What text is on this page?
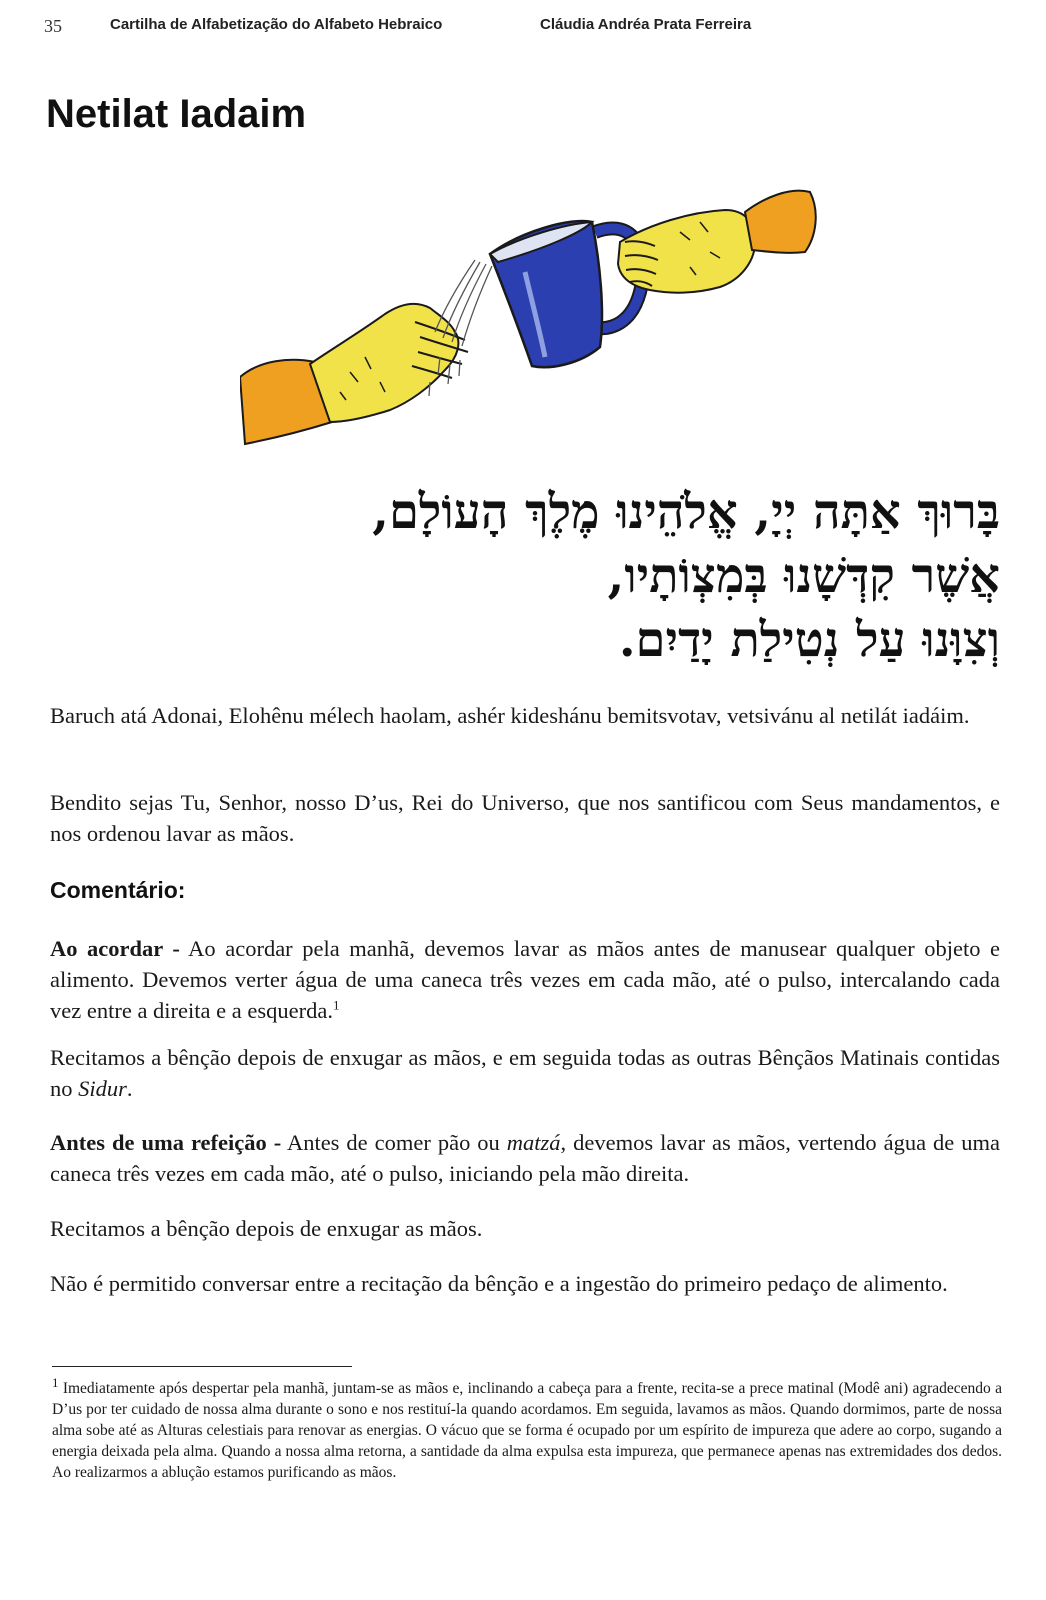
35	Cartilha de Alfabetização do Alfabeto Hebraico	Cláudia Andréa Prata Ferreira
Netilat Iadaim
בָּרוּךְ אַתָּה יְיָ, אֱלֹהֵינוּ מֶלֶךְ הָעוֹלָם,
אֲשֶׁר קִדְּשָׁנוּ בְּמִצְוֹתָיו,
וְצִוָּנוּ עַל נְטִילַת יָדַיִם.

Baruch atá Adonai, Elohênu mélech haolam, ashér kideshánu bemitsvotav, vetsivánu al netilát iadáim.

Bendito sejas Tu, Senhor, nosso D’us, Rei do Universo, que nos santificou com Seus mandamentos, e nos ordenou lavar as mãos.

Comentário:

Ao acordar - Ao acordar pela manhã, devemos lavar as mãos antes de manusear qualquer objeto e alimento. Devemos verter água de uma caneca três vezes em cada mão, até o pulso, intercalando cada vez entre a direita e a esquerda.$^1$

Recitamos a bênção depois de enxugar as mãos, e em seguida todas as outras Bênçãos Matinais contidas no Sidur.

Antes de uma refeição - Antes de comer pão ou matzá, devemos lavar as mãos, vertendo água de uma caneca três vezes em cada mão, até o pulso, iniciando pela mão direita.

Recitamos a bênção depois de enxugar as mãos.

Não é permitido conversar entre a recitação da bênção e a ingestão do primeiro pedaço de alimento.

$^1$ Imediatamente após despertar pela manhã, juntam-se as mãos e, inclinando a cabeça para a frente, recita-se a prece matinal (Modê ani) agradecendo a D’us por ter cuidado de nossa alma durante o sono e nos restituí-la quando acordamos. Em seguida, lavamos as mãos. Quando dormimos, parte de nossa alma sobe até as Alturas celestiais para renovar as energias. O vácuo que se forma é ocupado por um espírito de impureza que adere ao corpo, sugando a energia deixada pela alma. Quando a nossa alma retorna, a santidade da alma expulsa esta impureza, que permanece apenas nas extremidades dos dedos. Ao realizarmos a ablução estamos purificando as mãos.
